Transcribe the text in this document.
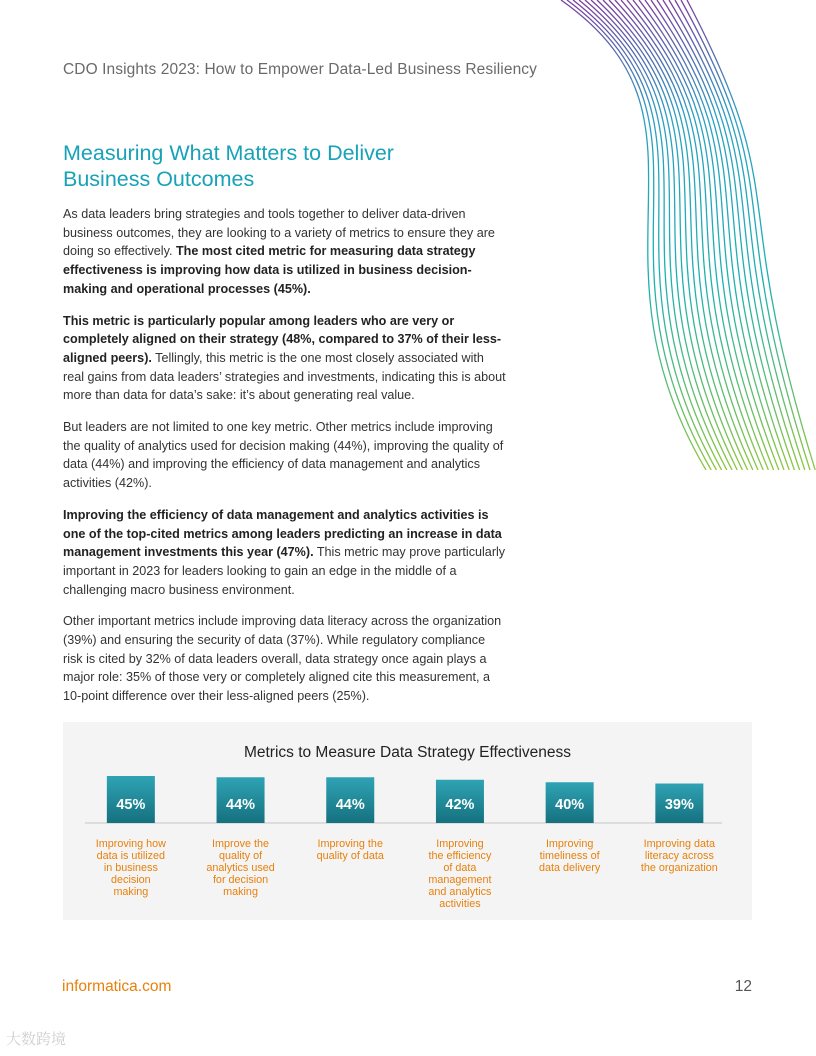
CDO Insights 2023: How to Empower Data-Led Business Resiliency
Measuring What Matters to Deliver Business Outcomes

As data leaders bring strategies and tools together to deliver data-driven business outcomes, they are looking to a variety of metrics to ensure they are doing so effectively. The most cited metric for measuring data strategy effectiveness is improving how data is utilized in business decision-making and operational processes (45%).

This metric is particularly popular among leaders who are very or completely aligned on their strategy (48%, compared to 37% of their less-aligned peers). Tellingly, this metric is the one most closely associated with real gains from data leaders’ strategies and investments, indicating this is about more than data for data’s sake: it’s about generating real value.

But leaders are not limited to one key metric. Other metrics include improving the quality of analytics used for decision making (44%), improving the quality of data (44%) and improving the efficiency of data management and analytics activities (42%).

Improving the efficiency of data management and analytics activities is one of the top-cited metrics among leaders predicting an increase in data management investments this year (47%). This metric may prove particularly important in 2023 for leaders looking to gain an edge in the middle of a challenging macro business environment.

Other important metrics include improving data literacy across the organization (39%) and ensuring the security of data (37%). While regulatory compliance risk is cited by 32% of data leaders overall, data strategy once again plays a major role: 35% of those very or completely aligned cite this measurement, a 10-point difference over their less-aligned peers (25%).

Metrics to Measure Data Strategy Effectiveness
45%
Improving how data is utilized in business decision making
44%
Improve the quality of analytics used for decision making
44%
Improving the quality of data
42%
Improving the efficiency of data management and analytics activities
40%
Improving timeliness of data delivery
39%
Improving data literacy across the organization
informatica.com	12
大数跨境
